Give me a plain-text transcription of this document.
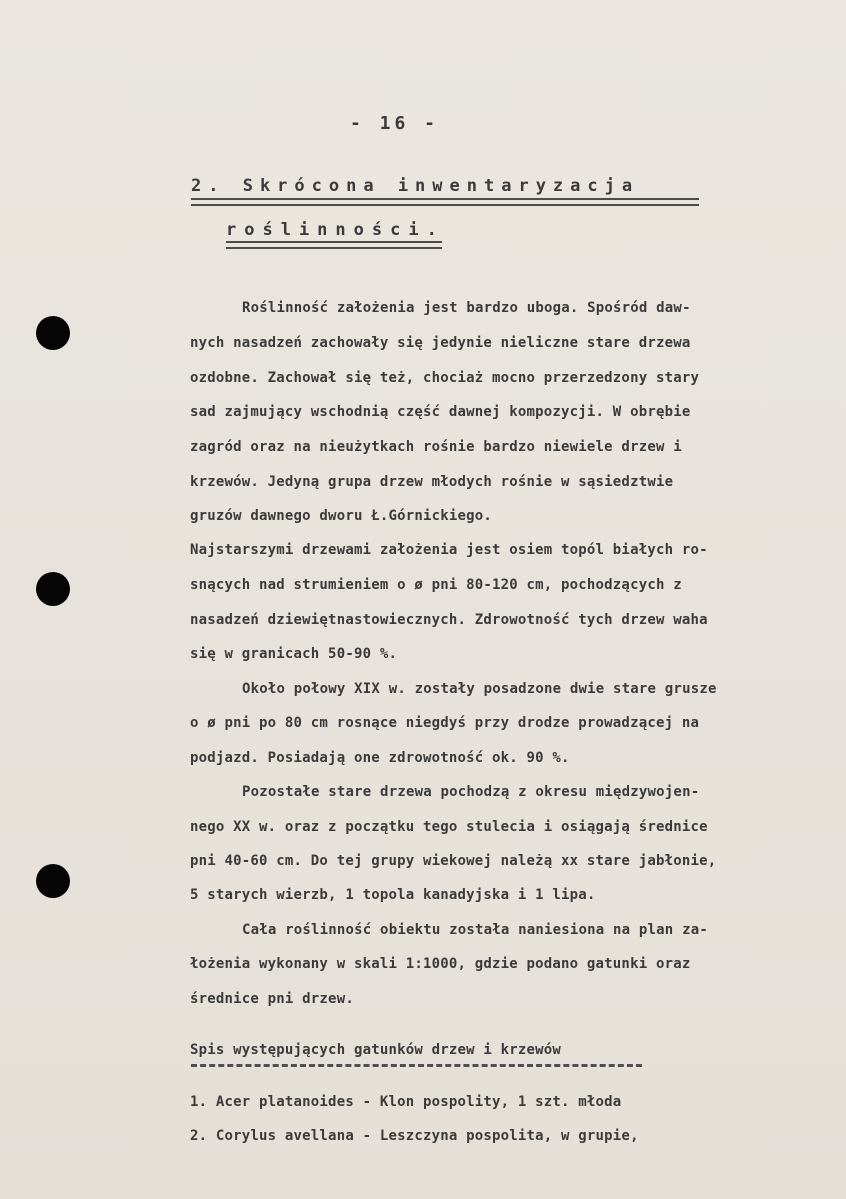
- 16 -
2. Skrócona inwentaryzacja
roślinności.
Roślinność założenia jest bardzo uboga. Spośród daw-
nych nasadzeń zachowały się jedynie nieliczne stare drzewa
ozdobne. Zachował się też, chociaż mocno przerzedzony stary
sad zajmujący wschodnią część dawnej kompozycji. W obrębie
zagród oraz na nieużytkach rośnie bardzo niewiele drzew i
krzewów. Jedyną grupa drzew młodych rośnie w sąsiedztwie
gruzów dawnego dworu Ł.Górnickiego.
Najstarszymi drzewami założenia jest osiem topól białych ro-
snących nad strumieniem o ø pni 80-120 cm, pochodzących z
nasadzeń dziewiętnastowiecznych. Zdrowotność tych drzew waha
się w granicach 50-90 %.
Około połowy XIX w. zostały posadzone dwie stare grusze
o ø pni po 80 cm rosnące niegdyś przy drodze prowadzącej na
podjazd. Posiadają one zdrowotność ok. 90 %.
Pozostałe stare drzewa pochodzą z okresu międzywojen-
nego XX w. oraz z początku tego stulecia i osiągają średnice
pni 40-60 cm. Do tej grupy wiekowej należą xx stare jabłonie,
5 starych wierzb, 1 topola kanadyjska i 1 lipa.
Cała roślinność obiektu została naniesiona na plan za-
łożenia wykonany w skali 1:1000, gdzie podano gatunki oraz
średnice pni drzew.
Spis występujących gatunków drzew i krzewów
1. Acer platanoides - Klon pospolity, 1 szt. młoda
2. Corylus avellana - Leszczyna pospolita, w grupie,
